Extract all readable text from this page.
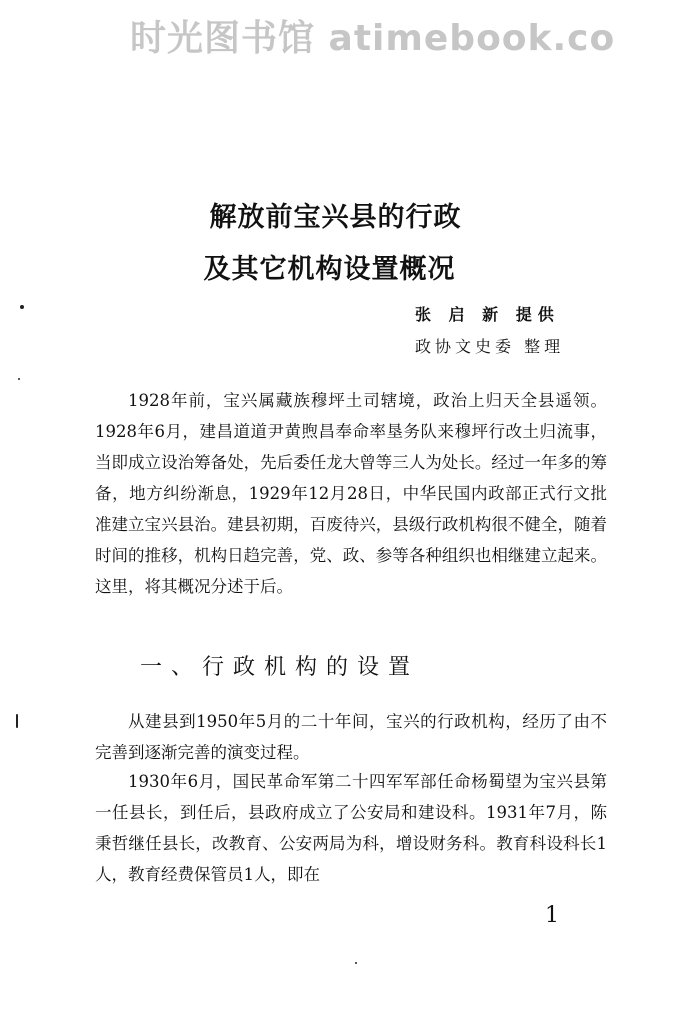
时光图书馆 atimebook.co
解放前宝兴县的行政
及其它机构设置概况
张 启 新 提供
政协文史委 整理

1928年前，宝兴属藏族穆坪土司辖境，政治上归天全县遥领。1928年6月，建昌道道尹黄煦昌奉命率垦务队来穆坪行改土归流事，当即成立设治筹备处，先后委任龙大曾等三人为处长。经过一年多的筹备，地方纠纷渐息，1929年12月28日，中华民国内政部正式行文批准建立宝兴县治。建县初期，百废待兴，县级行政机构很不健全，随着时间的推移，机构日趋完善，党、政、参等各种组织也相继建立起来。这里，将其概况分述于后。

一、行政机构的设置

从建县到1950年5月的二十年间，宝兴的行政机构，经历了由不完善到逐渐完善的演变过程。

1930年6月，国民革命军第二十四军军部任命杨蜀望为宝兴县第一任县长，到任后，县政府成立了公安局和建设科。1931年7月，陈秉哲继任县长，改教育、公安两局为科，增设财务科。教育科设科长1人，教育经费保管员1人，即在

1
